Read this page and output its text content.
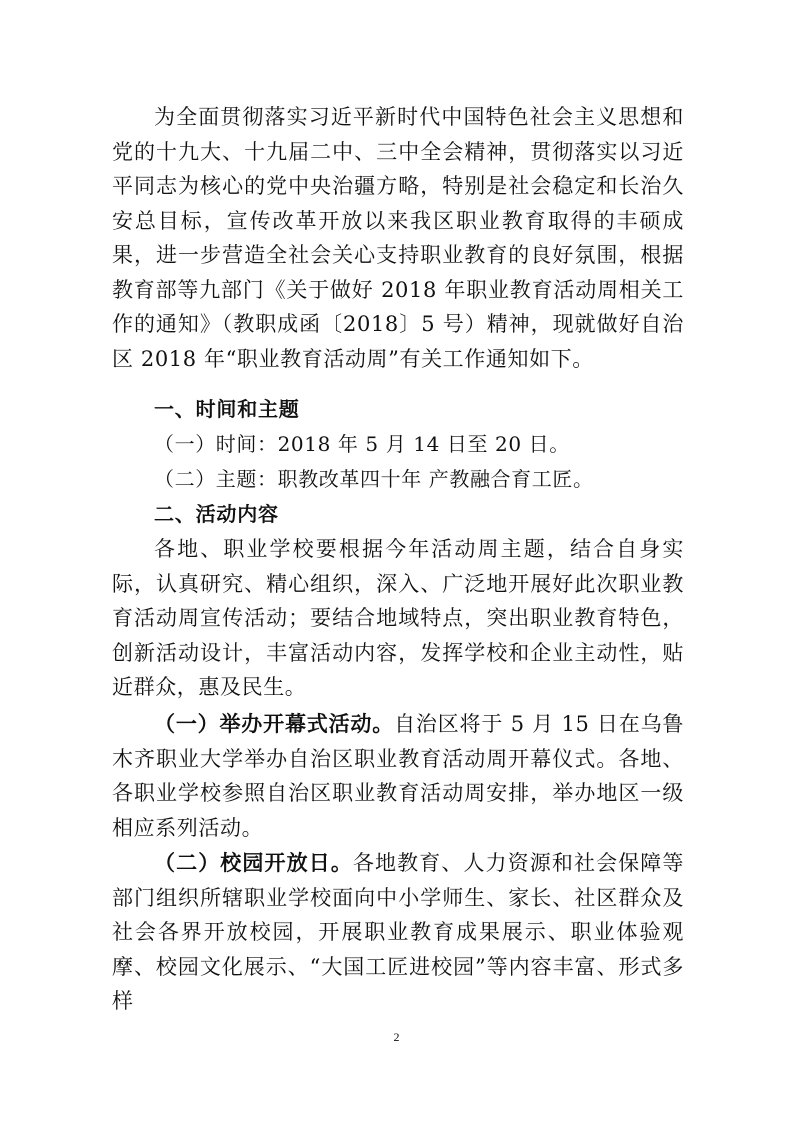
为全面贯彻落实习近平新时代中国特色社会主义思想和党的十九大、十九届二中、三中全会精神，贯彻落实以习近平同志为核心的党中央治疆方略，特别是社会稳定和长治久安总目标，宣传改革开放以来我区职业教育取得的丰硕成果，进一步营造全社会关心支持职业教育的良好氛围，根据教育部等九部门《关于做好 2018 年职业教育活动周相关工作的通知》（教职成函〔2018〕5 号）精神，现就做好自治区 2018 年“职业教育活动周”有关工作通知如下。

一、时间和主题

（一）时间：2018 年 5 月 14 日至 20 日。

（二）主题：职教改革四十年 产教融合育工匠。

二、活动内容

各地、职业学校要根据今年活动周主题，结合自身实际，认真研究、精心组织，深入、广泛地开展好此次职业教育活动周宣传活动；要结合地域特点，突出职业教育特色，创新活动设计，丰富活动内容，发挥学校和企业主动性，贴近群众，惠及民生。

（一）举办开幕式活动。自治区将于 5 月 15 日在乌鲁木齐职业大学举办自治区职业教育活动周开幕仪式。各地、各职业学校参照自治区职业教育活动周安排，举办地区一级相应系列活动。

（二）校园开放日。各地教育、人力资源和社会保障等部门组织所辖职业学校面向中小学师生、家长、社区群众及社会各界开放校园，开展职业教育成果展示、职业体验观摩、校园文化展示、“大国工匠进校园”等内容丰富、形式多样

2
